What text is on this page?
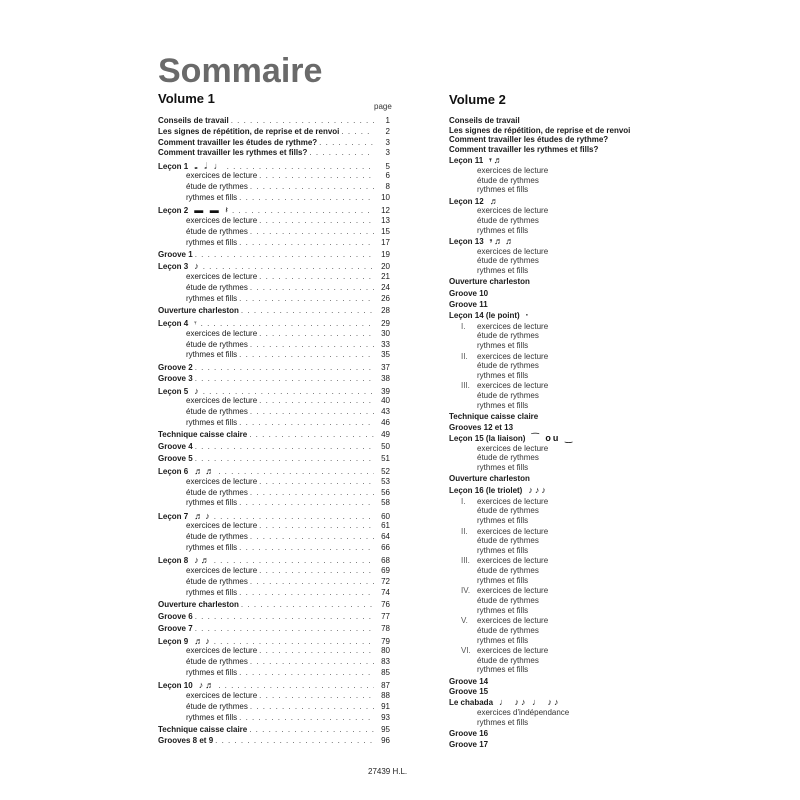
Sommaire
Volume 1
page	Volume 2
Conseils de travail . . .	1
Les signes de répétition, de reprise et de renvoi . . .	2
Comment travailler les études de rythme? . . .	3
Comment travailler les rythmes et fills? . . .	3
Leçon 1 𝅝 𝅗𝅥 ♩ . . .	5
exercices de lecture . . .	6
étude de rythmes . . .	8
rythmes et fills . . .	10
Leçon 2 ▬ ▬ 𝄽 . . .	12
exercices de lecture . . .	13
étude de rythmes . . .	15
rythmes et fills . . .	17
Groove 1 . . .	19
Leçon 3 ♪ . . .	20
exercices de lecture . . .	21
étude de rythmes . . .	24
rythmes et fills . . .	26
Ouverture charleston . . .	28
Leçon 4 𝄾 . . .	29
exercices de lecture . . .	30
étude de rythmes . . .	33
rythmes et fills . . .	35
Groove 2 . . .	37
Groove 3 . . .	38
Leçon 5 ♪ . . .	39
exercices de lecture . . .	40
étude de rythmes . . .	43
rythmes et fills . . .	46
Technique caisse claire . . .	49
Groove 4 . . .	50
Groove 5 . . .	51
Leçon 6 ♬♬ . . .	52
exercices de lecture . . .	53
étude de rythmes . . .	56
rythmes et fills . . .	58
Leçon 7 ♬♪ . . .	60
exercices de lecture . . .	61
étude de rythmes . . .	64
rythmes et fills . . .	66
Leçon 8 ♪♬ . . .	68
exercices de lecture . . .	69
étude de rythmes . . .	72
rythmes et fills . . .	74
Ouverture charleston . . .	76
Groove 6 . . .	77
Groove 7 . . .	78
Leçon 9 ♬♪ . . .	79
exercices de lecture . . .	80
étude de rythmes . . .	83
rythmes et fills . . .	85
Leçon 10 ♪♬ . . .	87
exercices de lecture . . .	88
étude de rythmes . . .	91
rythmes et fills . . .	93
Technique caisse claire . . .	95
Grooves 8 et 9 . . .	96
Conseils de travail
Les signes de répétition, de reprise et de renvoi
Comment travailler les études de rythme?
Comment travailler les rythmes et fills?
Leçon 11 𝄾♬
exercices de lecture
étude de rythmes
rythmes et fills
Leçon 12 ♬
exercices de lecture
étude de rythmes
rythmes et fills
Leçon 13 𝄾♬♬
exercices de lecture
étude de rythmes
rythmes et fills
Ouverture charleston
Groove 10
Groove 11
Leçon 14 (le point) ·
I. exercices de lecture
étude de rythmes
rythmes et fills
II. exercices de lecture
étude de rythmes
rythmes et fills
III. exercices de lecture
étude de rythmes
rythmes et fills
Technique caisse claire
Grooves 12 et 13
Leçon 15 (la liaison) ⁀ ou ‿
exercices de lecture
étude de rythmes
rythmes et fills
Ouverture charleston
Leçon 16 (le triolet) ♪♪♪
I. exercices de lecture
étude de rythmes
rythmes et fills
II. exercices de lecture
étude de rythmes
rythmes et fills
III. exercices de lecture
étude de rythmes
rythmes et fills
IV. exercices de lecture
étude de rythmes
rythmes et fills
V. exercices de lecture
étude de rythmes
rythmes et fills
VI. exercices de lecture
étude de rythmes
rythmes et fills
Groove 14
Groove 15
Le chabada ♩ ♪♪ ♩ ♪♪
exercices d'indépendance
rythmes et fills
Groove 16
Groove 17
27439 H.L.
